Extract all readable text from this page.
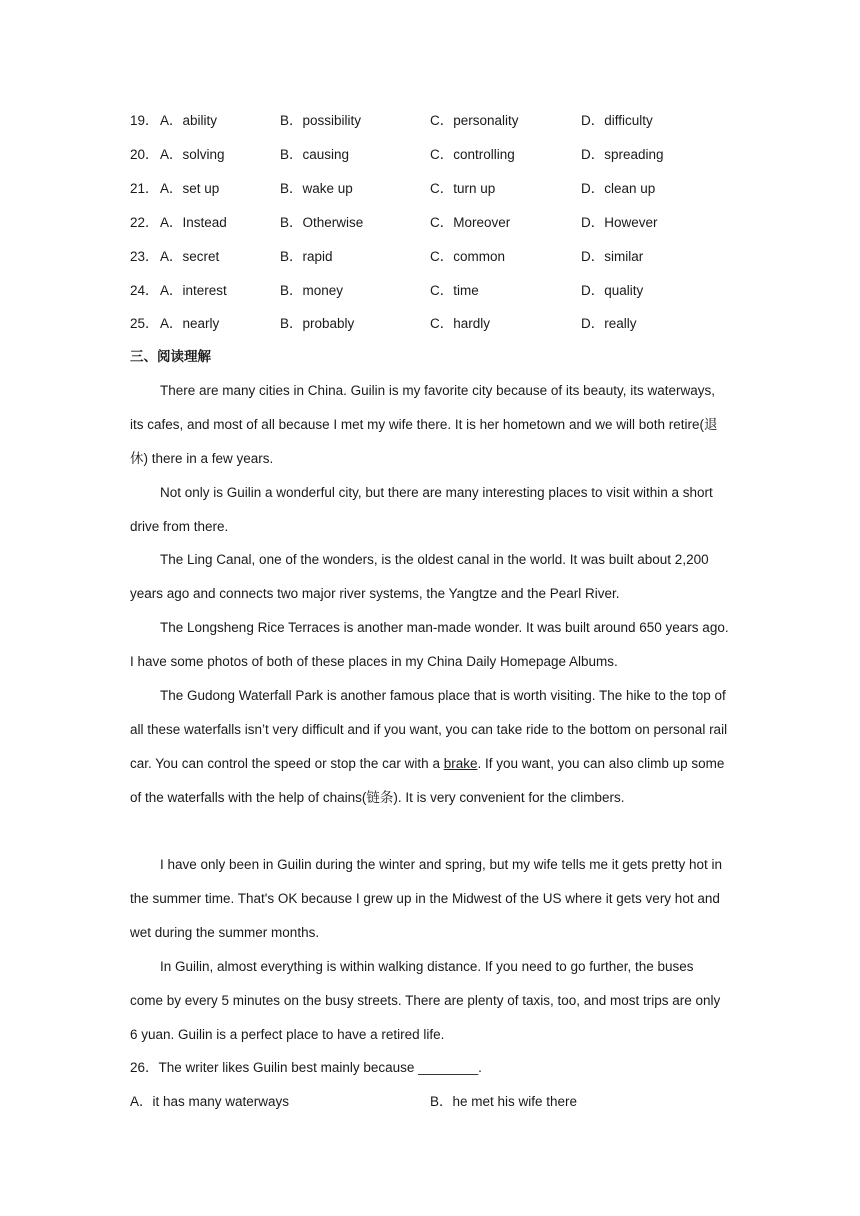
19． A．ability	B．possibility	C．personality	D．difficulty
20． A．solving	B．causing	C．controlling	D．spreading
21． A．set up	B．wake up	C．turn up	D．clean up
22． A．Instead	B．Otherwise	C．Moreover	D．However
23． A．secret	B．rapid	C．common	D．similar
24． A．interest	B．money	C．time	D．quality
25． A．nearly	B．probably	C．hardly	D．really
三、阅读理解

There are many cities in China. Guilin is my favorite city because of its beauty, its waterways, its cafes, and most of all because I met my wife there. It is her hometown and we will both retire(退休) there in a few years.

Not only is Guilin a wonderful city, but there are many interesting places to visit within a short drive from there.

The Ling Canal, one of the wonders, is the oldest canal in the world. It was built about 2,200 years ago and connects two major river systems, the Yangtze and the Pearl River.

The Longsheng Rice Terraces is another man-made wonder. It was built around 650 years ago. I have some photos of both of these places in my China Daily Homepage Albums.

The Gudong Waterfall Park is another famous place that is worth visiting. The hike to the top of all these waterfalls isn’t very difficult and if you want, you can take ride to the bottom on personal rail car. You can control the speed or stop the car with a brake. If you want, you can also climb up some of the waterfalls with the help of chains(链条). It is very convenient for the climbers.

I have only been in Guilin during the winter and spring, but my wife tells me it gets pretty hot in the summer time. That's OK because I grew up in the Midwest of the US where it gets very hot and wet during the summer months.

In Guilin, almost everything is within walking distance. If you need to go further, the buses come by every 5 minutes on the busy streets. There are plenty of taxis, too, and most trips are only 6 yuan. Guilin is a perfect place to have a retired life.

26．The writer likes Guilin best mainly because ________.
A．it has many waterways	B．he met his wife there
